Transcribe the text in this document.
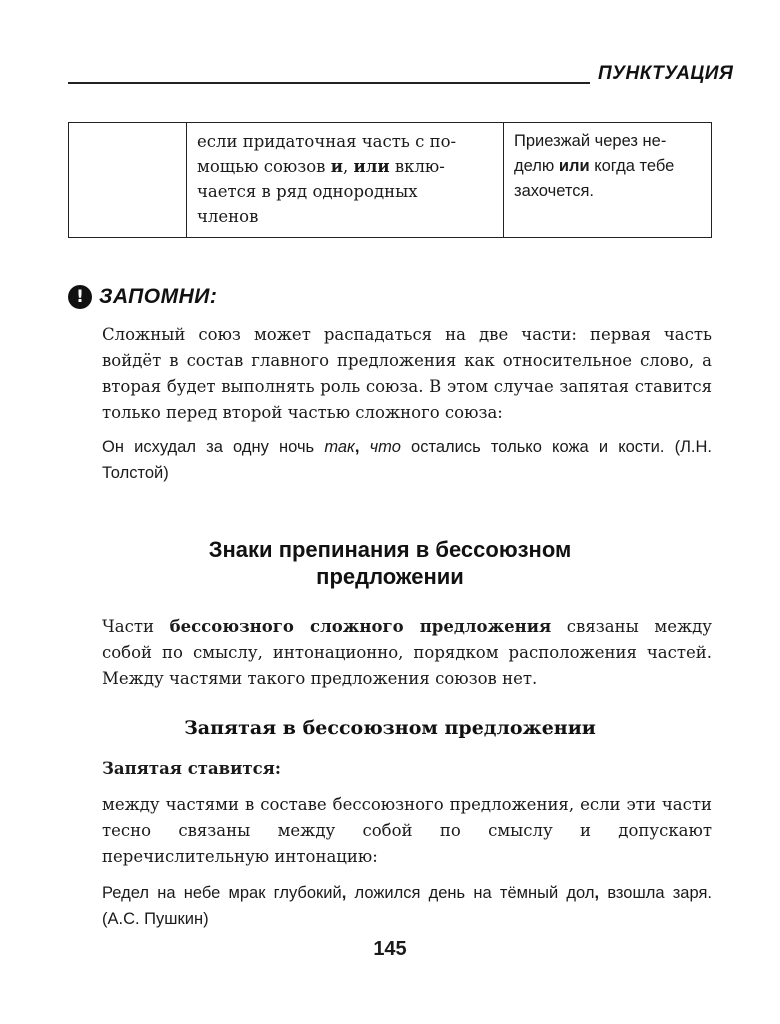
ПУНКТУАЦИЯ
	если придаточная часть с по-
мощью союзов и, или вклю-
чается в ряд однородных
членов	Приезжай через не-
делю или когда тебе
захочется.
! ЗАПОМНИ:
Сложный союз может распадаться на две части: первая часть войдёт в состав главного предложения как относительное слово, а вторая будет выполнять роль союза. В этом случае запятая ставится только перед второй частью сложного союза:
Он исхудал за одну ночь так, что остались только кожа и кости. (Л.Н. Толстой)
Знаки препинания в бессоюзном
предложении
Части бессоюзного сложного предложения связаны между собой по смыслу, интонационно, порядком расположения частей. Между частями такого предложения союзов нет.
Запятая в бессоюзном предложении
Запятая ставится:
между частями в составе бессоюзного предложения, если эти части тесно связаны между собой по смыслу и допускают перечислительную интонацию:
Редел на небе мрак глубокий, ложился день на тёмный дол, взошла заря. (А.С. Пушкин)
145
